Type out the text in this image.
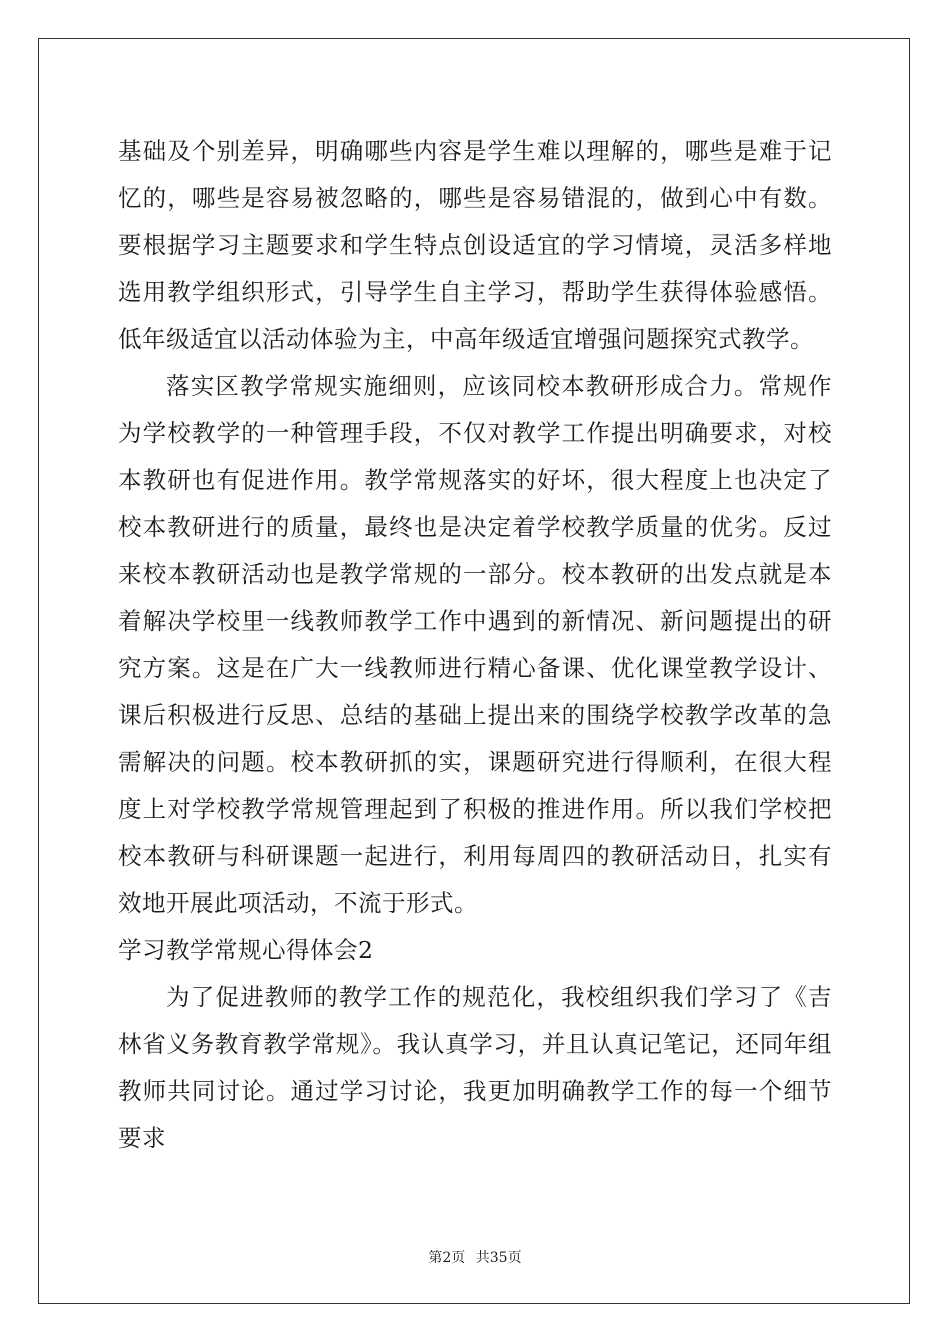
基础及个别差异，明确哪些内容是学生难以理解的，哪些是难于记忆的，哪些是容易被忽略的，哪些是容易错混的，做到心中有数。要根据学习主题要求和学生特点创设适宜的学习情境，灵活多样地选用教学组织形式，引导学生自主学习，帮助学生获得体验感悟。低年级适宜以活动体验为主，中高年级适宜增强问题探究式教学。

落实区教学常规实施细则，应该同校本教研形成合力。常规作为学校教学的一种管理手段，不仅对教学工作提出明确要求，对校本教研也有促进作用。教学常规落实的好坏，很大程度上也决定了校本教研进行的质量，最终也是决定着学校教学质量的优劣。反过来校本教研活动也是教学常规的一部分。校本教研的出发点就是本着解决学校里一线教师教学工作中遇到的新情况、新问题提出的研究方案。这是在广大一线教师进行精心备课、优化课堂教学设计、课后积极进行反思、总结的基础上提出来的围绕学校教学改革的急需解决的问题。校本教研抓的实，课题研究进行得顺利，在很大程度上对学校教学常规管理起到了积极的推进作用。所以我们学校把校本教研与科研课题一起进行，利用每周四的教研活动日，扎实有效地开展此项活动，不流于形式。

学习教学常规心得体会2

为了促进教师的教学工作的规范化，我校组织我们学习了《吉林省义务教育教学常规》。我认真学习，并且认真记笔记，还同年组教师共同讨论。通过学习讨论，我更加明确教学工作的每一个细节要求

第2页 共35页
